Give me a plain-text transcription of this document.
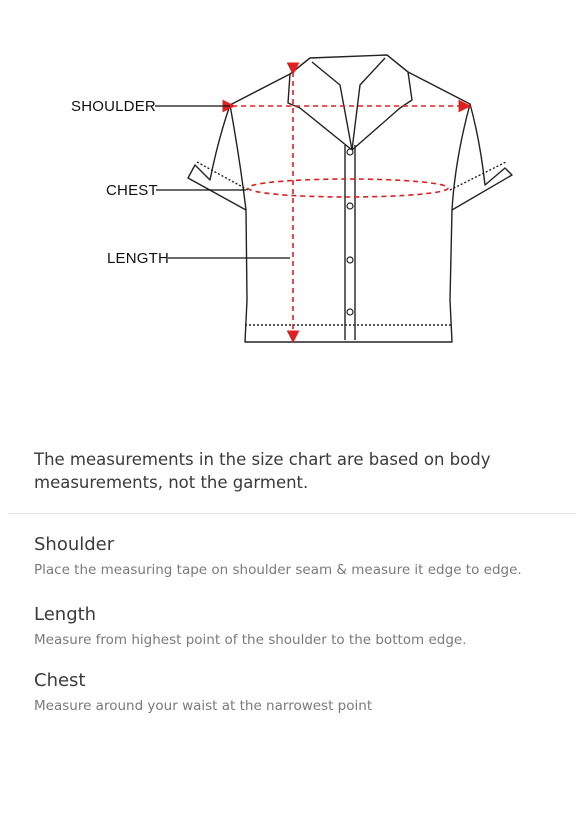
SHOULDER
CHEST
LENGTH
The measurements in the size chart are based on body measurements, not the garment.
Shoulder
Place the measuring tape on shoulder seam & measure it edge to edge.
Length
Measure from highest point of the shoulder to the bottom edge.
Chest
Measure around your waist at the narrowest point
